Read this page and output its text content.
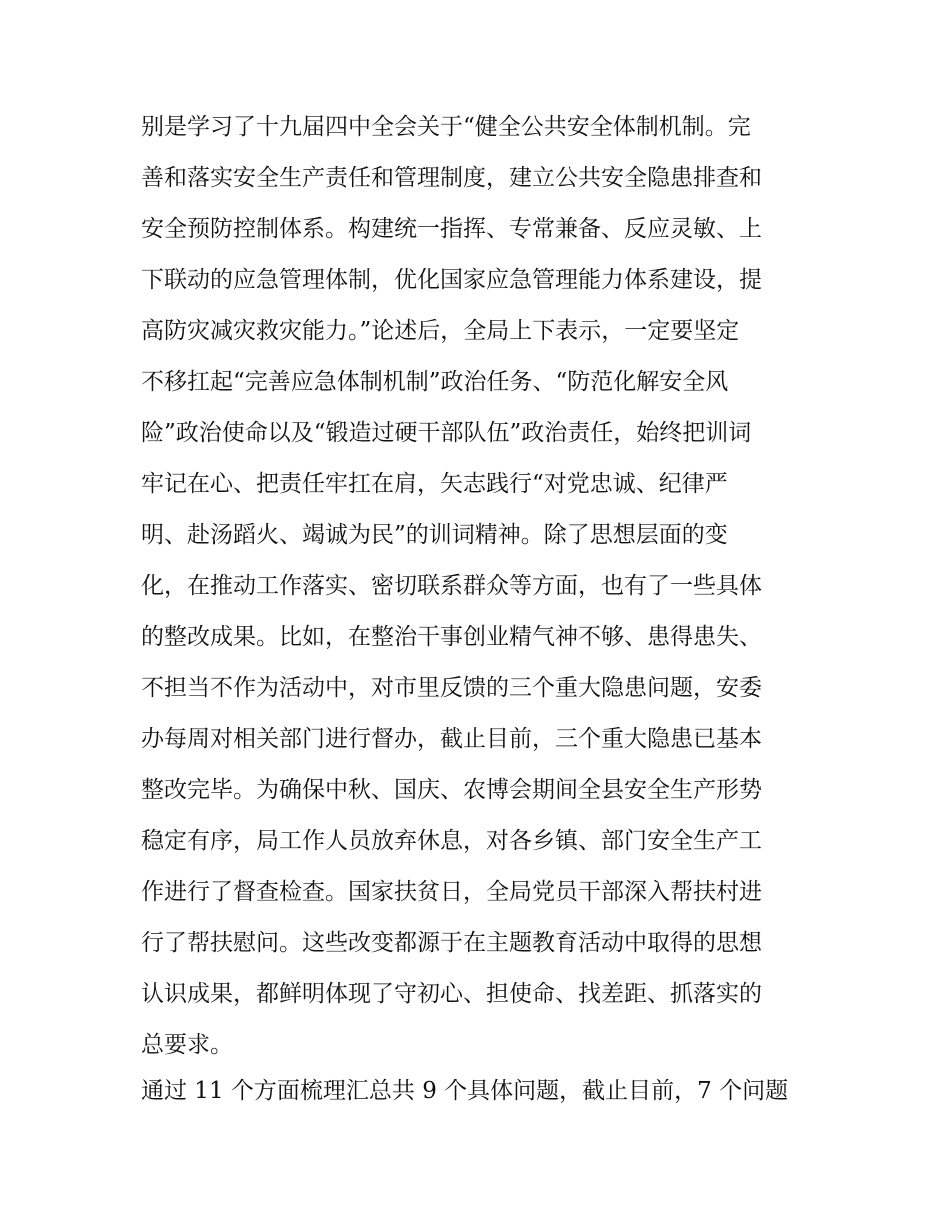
别是学习了十九届四中全会关于“健全公共安全体制机制。完
善和落实安全生产责任和管理制度，建立公共安全隐患排查和
安全预防控制体系。构建统一指挥、专常兼备、反应灵敏、上
下联动的应急管理体制，优化国家应急管理能力体系建设，提
高防灾减灾救灾能力。”论述后，全局上下表示，一定要坚定
不移扛起“完善应急体制机制”政治任务、“防范化解安全风
险”政治使命以及“锻造过硬干部队伍”政治责任，始终把训词
牢记在心、把责任牢扛在肩，矢志践行“对党忠诚、纪律严
明、赴汤蹈火、竭诚为民”的训词精神。除了思想层面的变
化，在推动工作落实、密切联系群众等方面，也有了一些具体
的整改成果。比如，在整治干事创业精气神不够、患得患失、
不担当不作为活动中，对市里反馈的三个重大隐患问题，安委
办每周对相关部门进行督办，截止目前，三个重大隐患已基本
整改完毕。为确保中秋、国庆、农博会期间全县安全生产形势
稳定有序，局工作人员放弃休息，对各乡镇、部门安全生产工
作进行了督查检查。国家扶贫日，全局党员干部深入帮扶村进
行了帮扶慰问。这些改变都源于在主题教育活动中取得的思想
认识成果，都鲜明体现了守初心、担使命、找差距、抓落实的
总要求。
通过 11 个方面梳理汇总共 9 个具体问题，截止目前，7 个问题
